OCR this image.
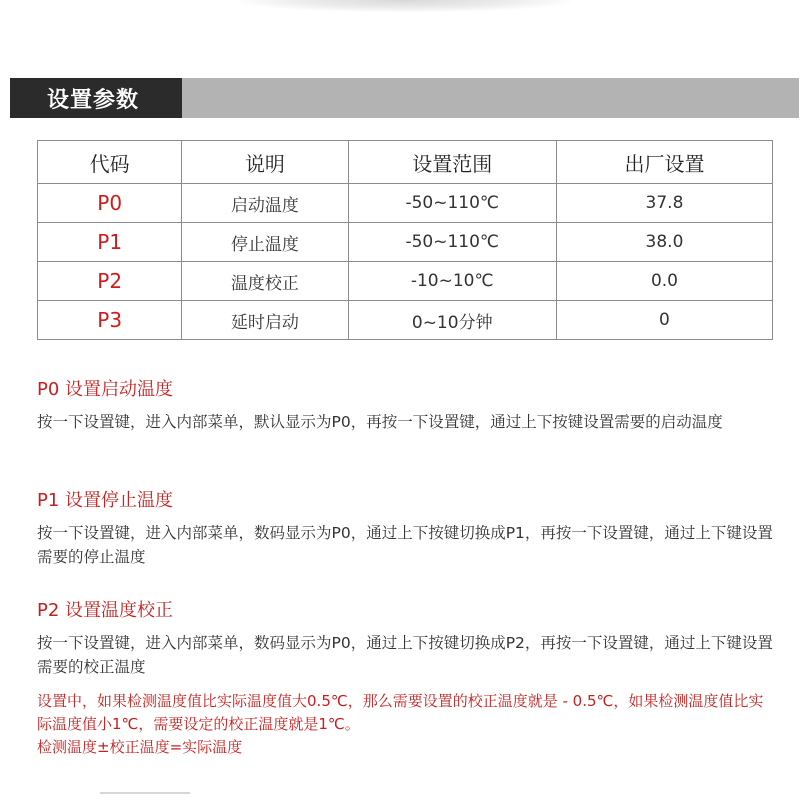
设置参数
代码	说明	设置范围	出厂设置
P0	启动温度	-50~110℃	37.8
P1	停止温度	-50~110℃	38.0
P2	温度校正	-10~10℃	0.0
P3	延时启动	0~10分钟	0
P0 设置启动温度
按一下设置键，进入内部菜单，默认显示为P0，再按一下设置键，通过上下按键设置需要的启动温度
P1 设置停止温度
按一下设置键，进入内部菜单，数码显示为P0，通过上下按键切换成P1，再按一下设置键，通过上下键设置需要的停止温度
P2 设置温度校正
按一下设置键，进入内部菜单，数码显示为P0，通过上下按键切换成P2，再按一下设置键，通过上下键设置需要的校正温度
设置中，如果检测温度值比实际温度值大0.5℃，那么需要设置的校正温度就是 - 0.5℃，如果检测温度值比实际温度值小1℃，需要设定的校正温度就是1℃。
检测温度±校正温度=实际温度
